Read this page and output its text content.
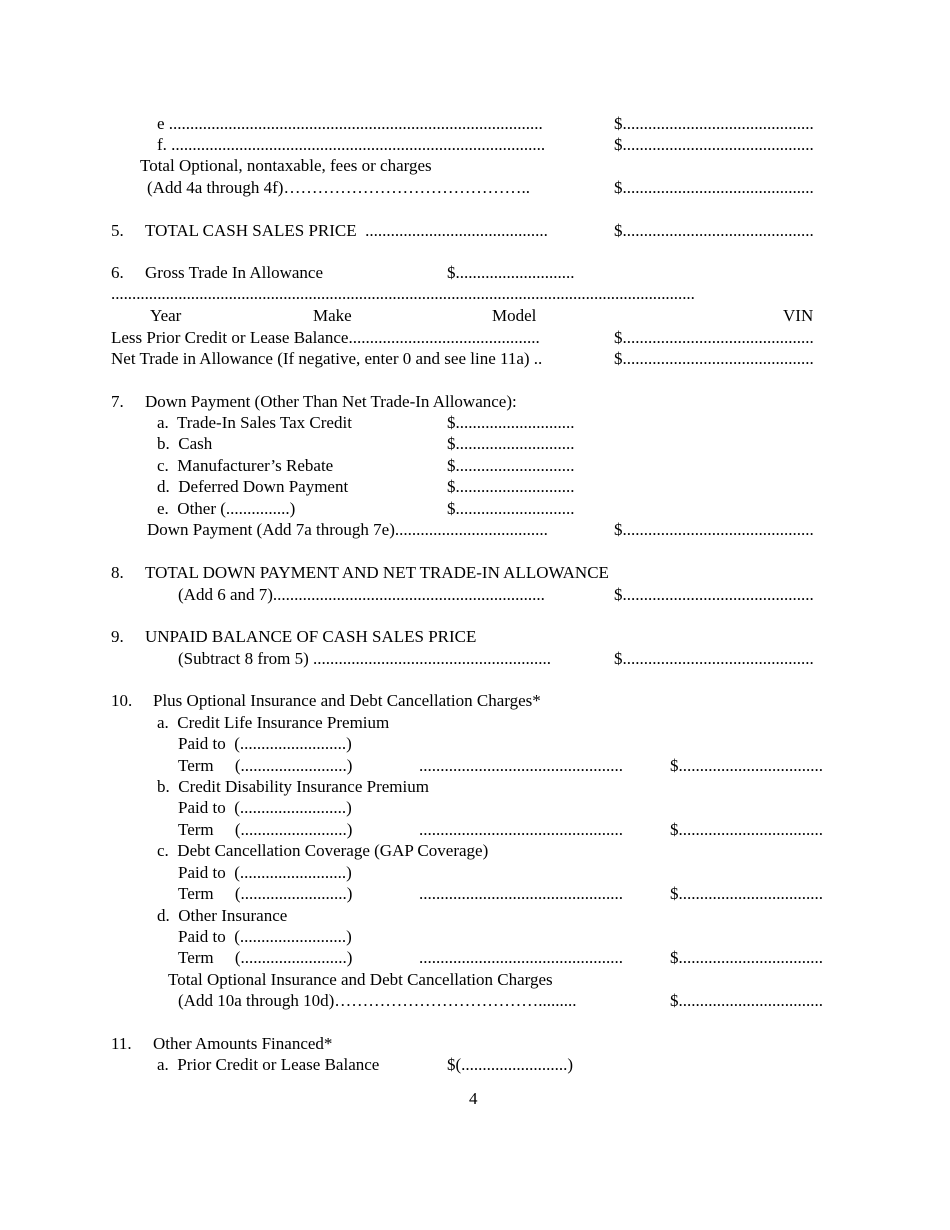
e ........................................................................................	$.............................................
f. ........................................................................................	$.............................................
Total Optional, nontaxable, fees or charges
(Add 4a through 4f)……………………………………..	$.............................................
5. TOTAL CASH SALES PRICE  ...........................................	$.............................................
6. Gross Trade In Allowance	$............................
...........................................................................................................................................
Year	Make	Model	VIN
Less Prior Credit or Lease Balance.............................................	$.............................................
Net Trade in Allowance (If negative, enter 0 and see line 11a) ..	$.............................................
7. Down Payment (Other Than Net Trade-In Allowance):
a.  Trade-In Sales Tax Credit	$............................
b.  Cash	$............................
c.  Manufacturer’s Rebate	$............................
d.  Deferred Down Payment	$............................
e.  Other (...............)	$............................
Down Payment (Add 7a through 7e)....................................	$.............................................
8. TOTAL DOWN PAYMENT AND NET TRADE-IN ALLOWANCE
(Add 6 and 7)................................................................	$.............................................
9. UNPAID BALANCE OF CASH SALES PRICE
(Subtract 8 from 5) ........................................................	$.............................................
10. Plus Optional Insurance and Debt Cancellation Charges*
a.  Credit Life Insurance Premium
Paid to  (.........................)
Term     (.........................)	................................................	$..................................
b.  Credit Disability Insurance Premium
Paid to  (.........................)
Term     (.........................)	................................................	$..................................
c.  Debt Cancellation Coverage (GAP Coverage)
Paid to  (.........................)
Term     (.........................)	................................................	$..................................
d.  Other Insurance
Paid to  (.........................)
Term     (.........................)	................................................	$..................................
Total Optional Insurance and Debt Cancellation Charges
(Add 10a through 10d)……………………………….........	$..................................
11. Other Amounts Financed*
a.  Prior Credit or Lease Balance	$(.........................)
4
